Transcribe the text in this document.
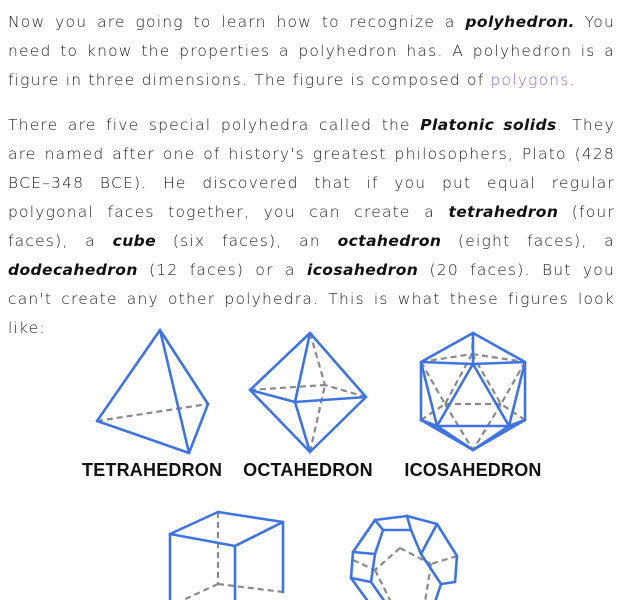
Now you are going to learn how to recognize a polyhedron. You need to know the properties a polyhedron has. A polyhedron is a figure in three dimensions. The figure is composed of polygons.

There are five special polyhedra called the Platonic solids. They are named after one of history's greatest philosophers, Plato (428 BCE–348 BCE). He discovered that if you put equal regular polygonal faces together, you can create a tetrahedron (four faces), a cube (six faces), an octahedron (eight faces), a dodecahedron (12 faces) or a icosahedron (20 faces). But you can't create any other polyhedra. This is what these figures look like:

TETRAHEDRON OCTAHEDRON ICOSAHEDRON
